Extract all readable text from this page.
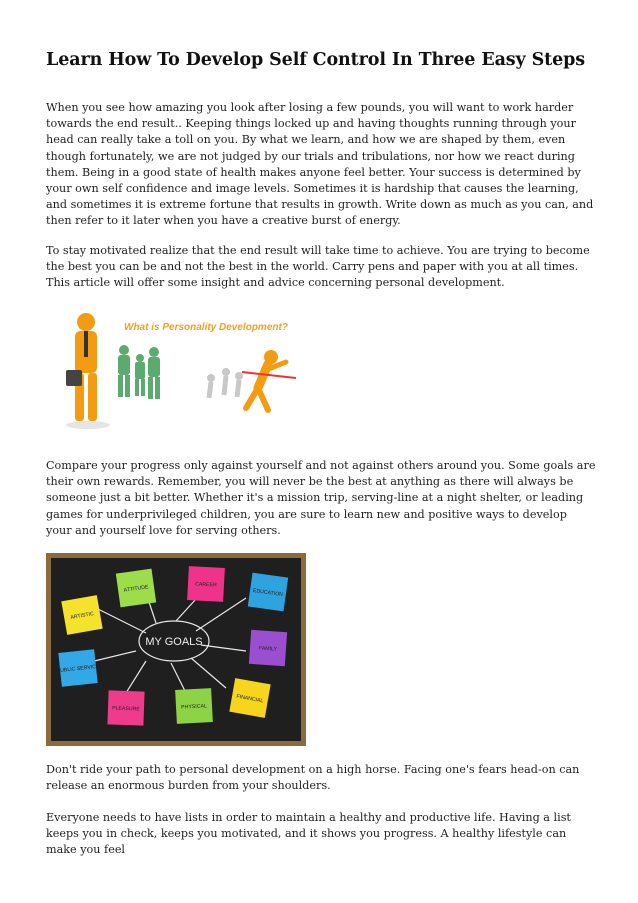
Learn How To Develop Self Control In Three Easy Steps

When you see how amazing you look after losing a few pounds, you will want to work harder towards the end result.. Keeping things locked up and having thoughts running through your head can really take a toll on you. By what we learn, and how we are shaped by them, even though fortunately, we are not judged by our trials and tribulations, nor how we react during them. Being in a good state of health makes anyone feel better. Your success is determined by your own self confidence and image levels. Sometimes it is hardship that causes the learning, and sometimes it is extreme fortune that results in growth. Write down as much as you can, and then refer to it later when you have a creative burst of energy.

To stay motivated realize that the end result will take time to achieve. You are trying to become the best you can be and not the best in the world. Carry pens and paper with you at all times. This article will offer some insight and advice concerning personal development.

What is Personality Development?

Compare your progress only against yourself and not against others around you. Some goals are their own rewards. Remember, you will never be the best at anything as there will always be someone just a bit better. Whether it's a mission trip, serving-line at a night shelter, or leading games for underprivileged children, you are sure to learn new and positive ways to develop your and yourself love for serving others.

MY GOALS
ARTISTIC
ATTITUDE	CAREER
EDUCATION
FAMILY
FINANCIAL
PHYSICAL
PLEASURE
PUBLIC SERVICE

Don't ride your path to personal development on a high horse. Facing one's fears head-on can release an enormous burden from your shoulders.

Everyone needs to have lists in order to maintain a healthy and productive life. Having a list keeps you in check, keeps you motivated, and it shows you progress. A healthy lifestyle can make you feel
